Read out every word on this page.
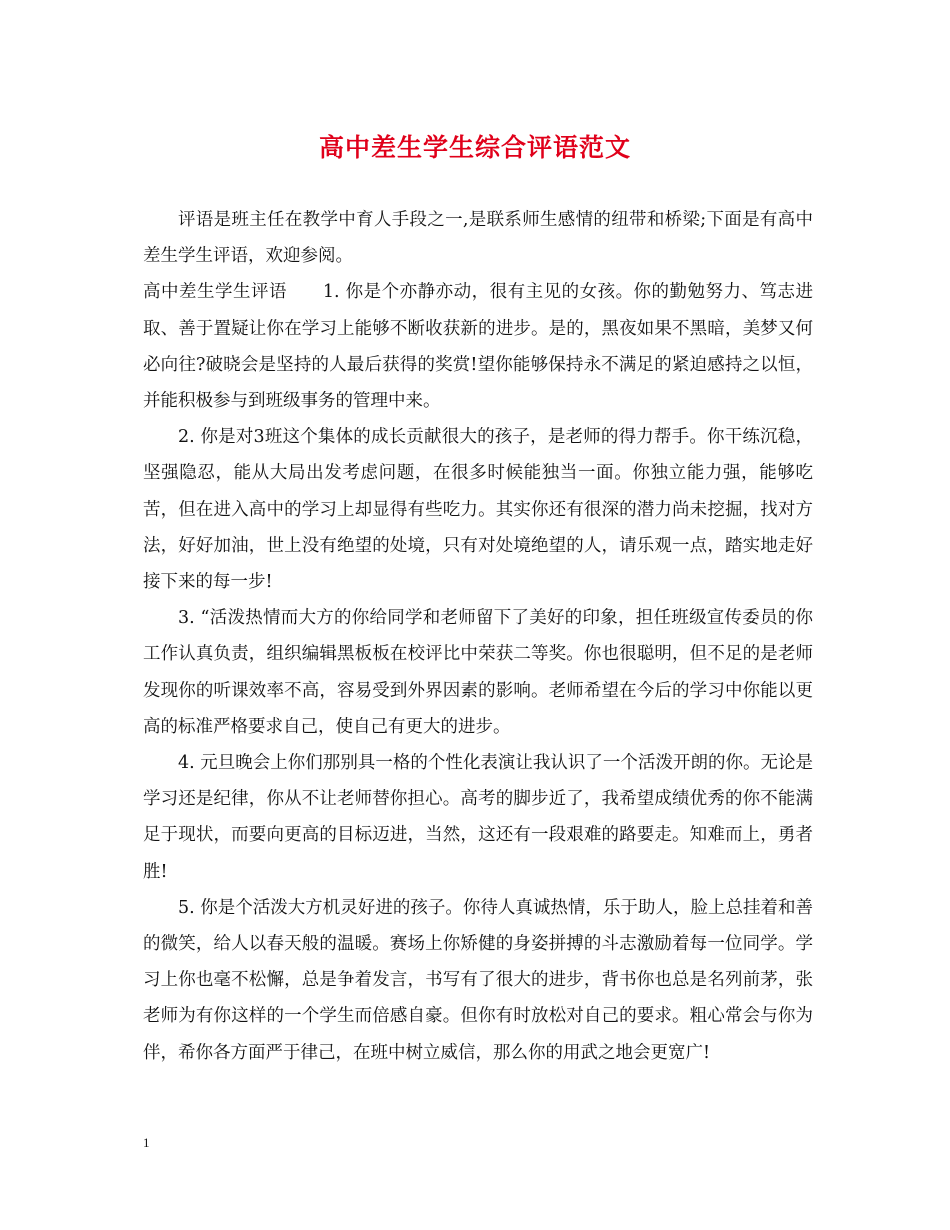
高中差生学生综合评语范文

评语是班主任在教学中育人手段之一,是联系师生感情的纽带和桥梁;下面是有高中差生学生评语，欢迎参阅。

高中差生学生评语　　1. 你是个亦静亦动，很有主见的女孩。你的勤勉努力、笃志进取、善于置疑让你在学习上能够不断收获新的进步。是的，黑夜如果不黑暗，美梦又何必向往?破晓会是坚持的人最后获得的奖赏!望你能够保持永不满足的紧迫感持之以恒，并能积极参与到班级事务的管理中来。

2. 你是对3班这个集体的成长贡献很大的孩子，是老师的得力帮手。你干练沉稳，坚强隐忍，能从大局出发考虑问题，在很多时候能独当一面。你独立能力强，能够吃苦，但在进入高中的学习上却显得有些吃力。其实你还有很深的潜力尚未挖掘，找对方法，好好加油，世上没有绝望的处境，只有对处境绝望的人，请乐观一点，踏实地走好接下来的每一步!

3. “活泼热情而大方的你给同学和老师留下了美好的印象，担任班级宣传委员的你工作认真负责，组织编辑黑板板在校评比中荣获二等奖。你也很聪明，但不足的是老师发现你的听课效率不高，容易受到外界因素的影响。老师希望在今后的学习中你能以更高的标准严格要求自己，使自己有更大的进步。

4. 元旦晚会上你们那别具一格的个性化表演让我认识了一个活泼开朗的你。无论是学习还是纪律，你从不让老师替你担心。高考的脚步近了，我希望成绩优秀的你不能满足于现状，而要向更高的目标迈进，当然，这还有一段艰难的路要走。知难而上，勇者胜!

5. 你是个活泼大方机灵好进的孩子。你待人真诚热情，乐于助人，脸上总挂着和善的微笑，给人以春天般的温暖。赛场上你矫健的身姿拼搏的斗志激励着每一位同学。学习上你也毫不松懈，总是争着发言，书写有了很大的进步，背书你也总是名列前茅，张老师为有你这样的一个学生而倍感自豪。但你有时放松对自己的要求。粗心常会与你为伴，希你各方面严于律己，在班中树立威信，那么你的用武之地会更宽广!

1
